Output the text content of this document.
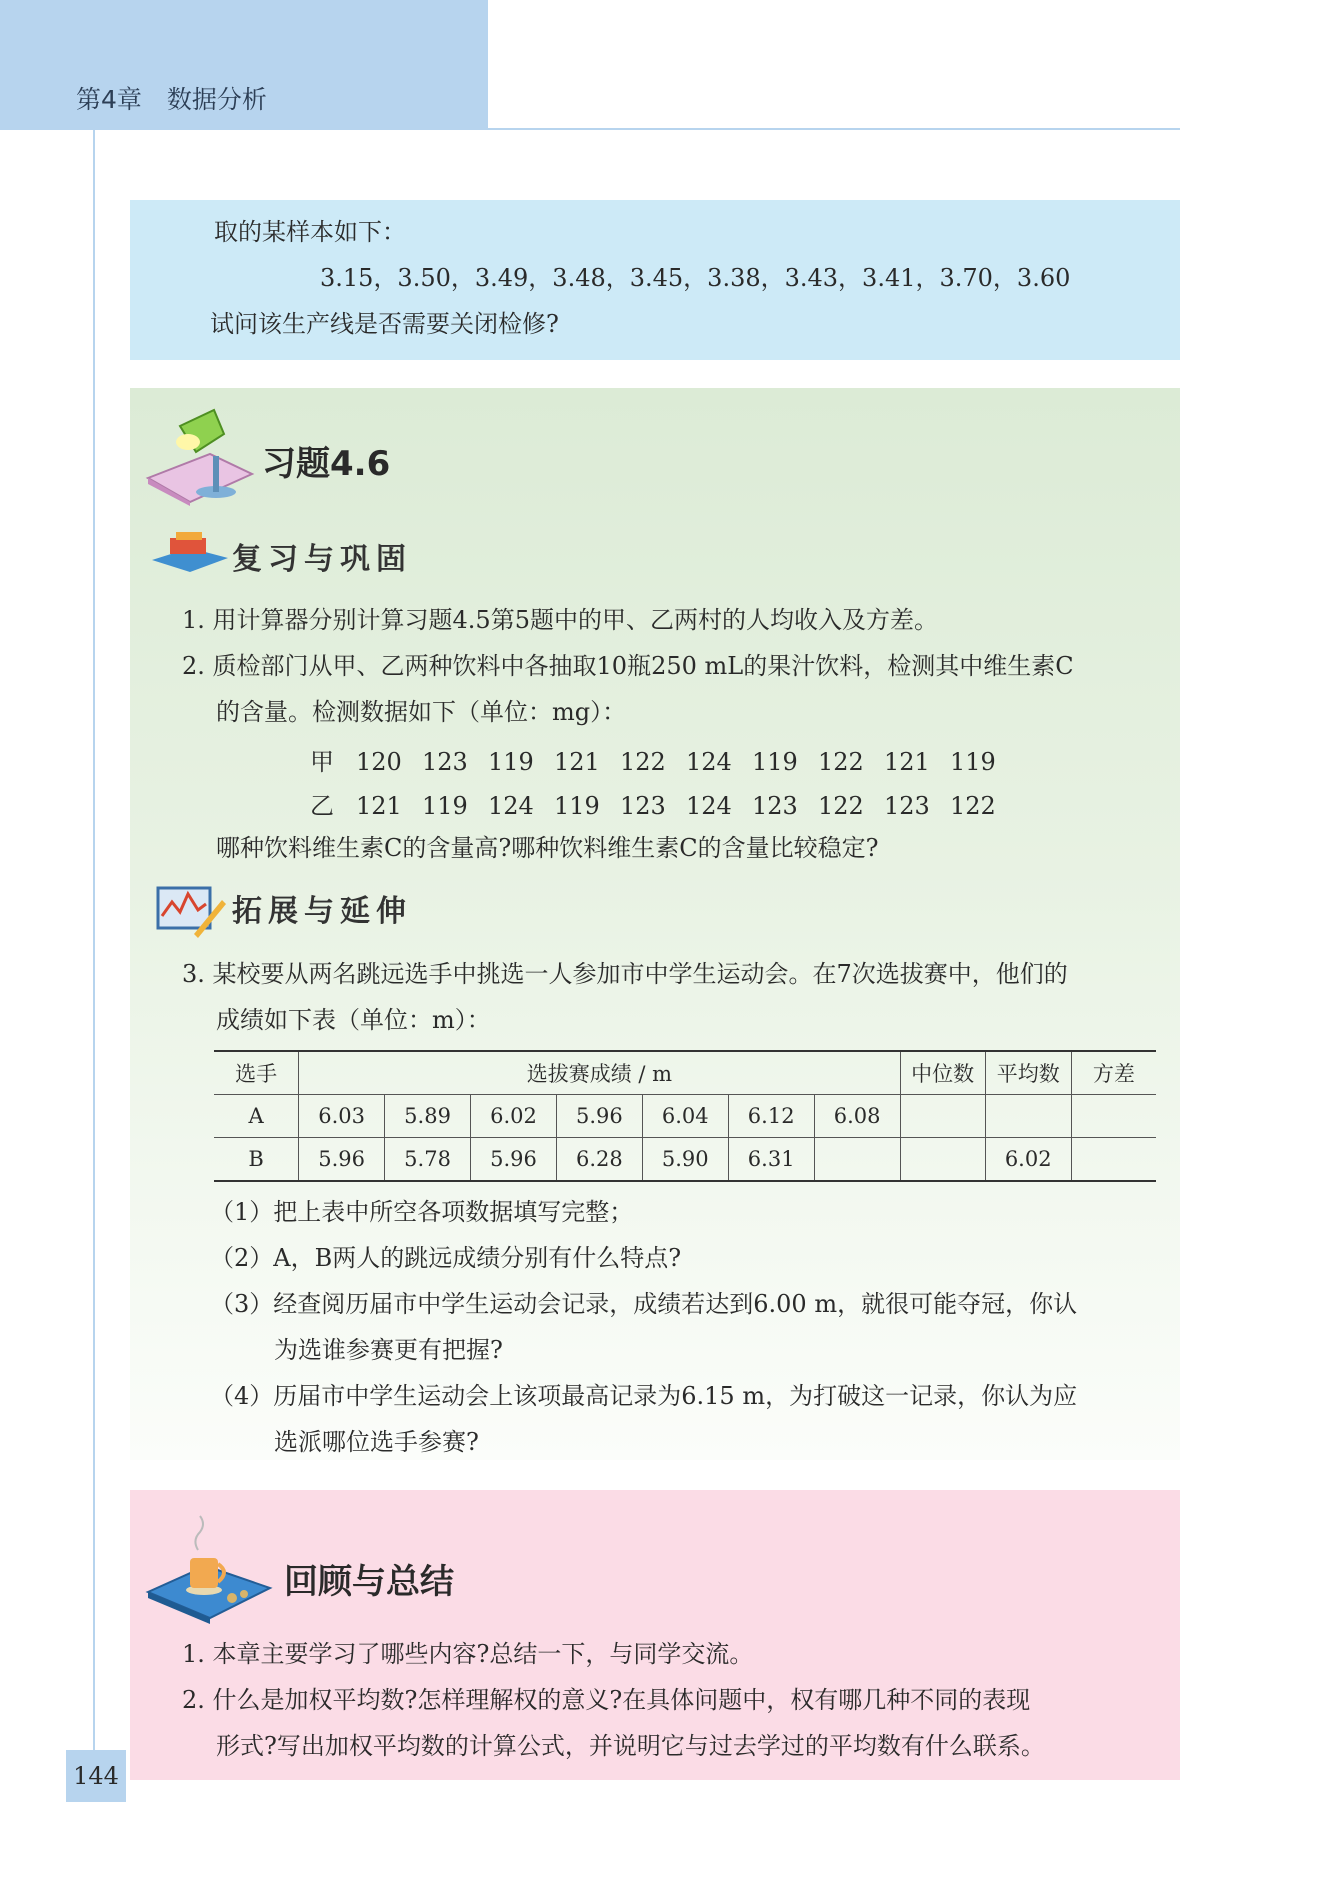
第4章　数据分析
取的某样本如下：
3.15，3.50，3.49，3.48，3.45，3.38，3.43，3.41，3.70，3.60
试问该生产线是否需要关闭检修?
习题4.6
复习与巩固
1. 用计算器分别计算习题4.5第5题中的甲、乙两村的人均收入及方差。
2. 质检部门从甲、乙两种饮料中各抽取10瓶250 mL的果汁饮料，检测其中维生素C
的含量。检测数据如下（单位：mg）：
甲 120 123 119 121 122 124 119 122 121 119
乙 121 119 124 119 123 124 123 122 123 122
哪种饮料维生素C的含量高?哪种饮料维生素C的含量比较稳定?
拓展与延伸
3. 某校要从两名跳远选手中挑选一人参加市中学生运动会。在7次选拔赛中，他们的
成绩如下表（单位：m）：
选手	选拔赛成绩 / m							中位数	平均数	方差
A	6.03	5.89	6.02	5.96	6.04	6.12	6.08			
B	5.96	5.78	5.96	6.28	5.90	6.31			6.02	
（1）把上表中所空各项数据填写完整；
（2）A，B两人的跳远成绩分别有什么特点?
（3）经查阅历届市中学生运动会记录，成绩若达到6.00 m，就很可能夺冠，你认
为选谁参赛更有把握?
（4）历届市中学生运动会上该项最高记录为6.15 m，为打破这一记录，你认为应
选派哪位选手参赛?
回顾与总结
1. 本章主要学习了哪些内容?总结一下，与同学交流。
2. 什么是加权平均数?怎样理解权的意义?在具体问题中，权有哪几种不同的表现
形式?写出加权平均数的计算公式，并说明它与过去学过的平均数有什么联系。
144
